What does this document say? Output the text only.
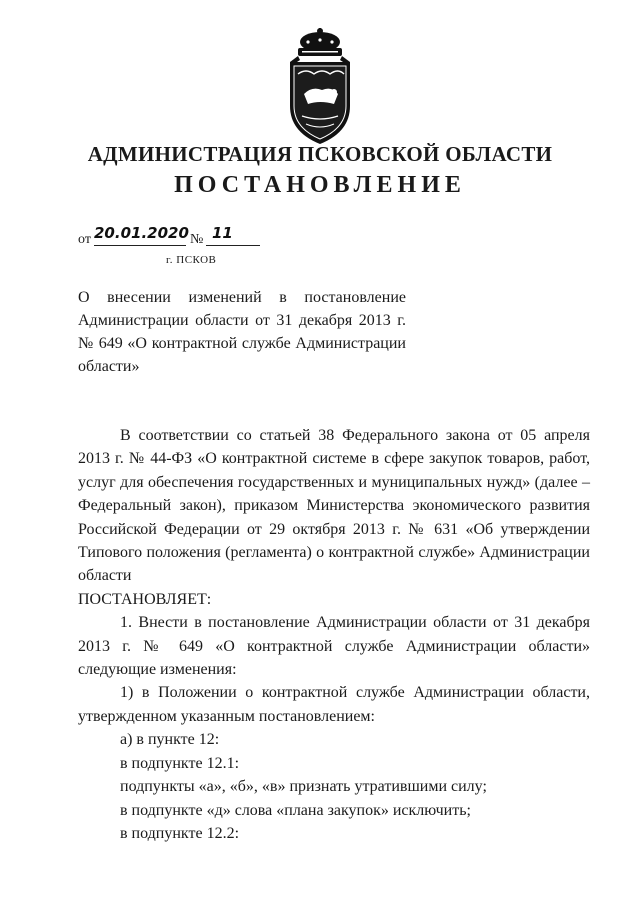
АДМИНИСТРАЦИЯ ПСКОВСКОЙ ОБЛАСТИ
ПОСТАНОВЛЕНИЕ
от 20.01.2020 № 11
г. ПСКОВ
О внесении изменений в постановление Администрации области от 31 декабря 2013 г. № 649 «О контрактной службе Администрации области»

В соответствии со статьей 38 Федерального закона от 05 апреля 2013 г. № 44-ФЗ «О контрактной системе в сфере закупок товаров, работ, услуг для обеспечения государственных и муниципальных нужд» (далее – Федеральный закон), приказом Министерства экономического развития Российской Федерации от 29 октября 2013 г. № 631 «Об утверждении Типового положения (регламента) о контрактной службе» Администрации области

ПОСТАНОВЛЯЕТ:

1. Внести в постановление Администрации области от 31 декабря 2013 г. № 649 «О контрактной службе Администрации области» следующие изменения:

1) в Положении о контрактной службе Администрации области, утвержденном указанным постановлением:

а) в пункте 12:

в подпункте 12.1:

подпункты «а», «б», «в» признать утратившими силу;

в подпункте «д» слова «плана закупок» исключить;

в подпункте 12.2:
